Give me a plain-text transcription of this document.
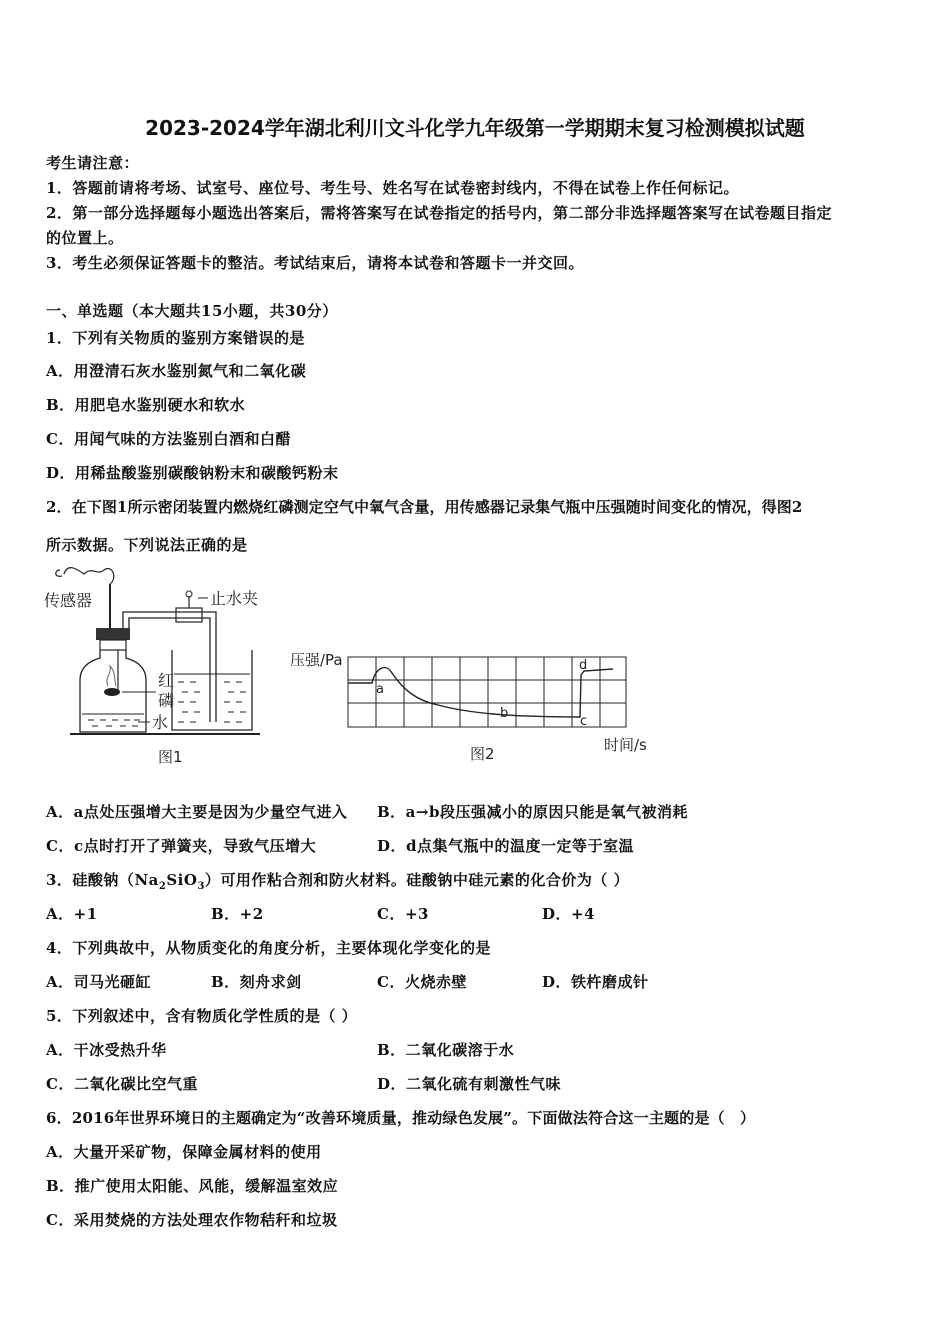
2023-2024学年湖北利川文斗化学九年级第一学期期末复习检测模拟试题
考生请注意：
1．答题前请将考场、试室号、座位号、考生号、姓名写在试卷密封线内，不得在试卷上作任何标记。
2．第一部分选择题每小题选出答案后，需将答案写在试卷指定的括号内，第二部分非选择题答案写在试卷题目指定
的位置上。
3．考生必须保证答题卡的整洁。考试结束后，请将本试卷和答题卡一并交回。
一、单选题（本大题共15小题，共30分）
1．下列有关物质的鉴别方案错误的是
A．用澄清石灰水鉴别氮气和二氧化碳
B．用肥皂水鉴别硬水和软水
C．用闻气味的方法鉴别白酒和白醋
D．用稀盐酸鉴别碳酸钠粉末和碳酸钙粉末
2．在下图1所示密闭装置内燃烧红磷测定空气中氧气含量，用传感器记录集气瓶中压强随时间变化的情况，得图2
所示数据。下列说法正确的是
传感器
红
磷
水
止水夹
图1
压强/Pa
a
b
c
d
时间/s
图2
A．a点处压强增大主要是因为少量空气进入 B．a→b段压强减小的原因只能是氧气被消耗
C．c点时打开了弹簧夹，导致气压增大	D．d点集气瓶中的温度一定等于室温
3．硅酸钠$(Na_2SiO_3)$可用作粘合剂和防火材料。硅酸钠中硅元素的化合价为（ ）
A．+1	B．+2	C．+3	D．+4
4．下列典故中，从物质变化的角度分析，主要体现化学变化的是
A．司马光砸缸	B．刻舟求剑	C．火烧赤壁	D．铁杵磨成针
5．下列叙述中，含有物质化学性质的是（ ）
A．干冰受热升华	B．二氧化碳溶于水
C．二氧化碳比空气重	D．二氧化硫有刺激性气味
6．2016年世界环境日的主题确定为“改善环境质量，推动绿色发展”。下面做法符合这一主题的是（　）
A．大量开采矿物，保障金属材料的使用
B．推广使用太阳能、风能，缓解温室效应
C．采用焚烧的方法处理农作物秸秆和垃圾
